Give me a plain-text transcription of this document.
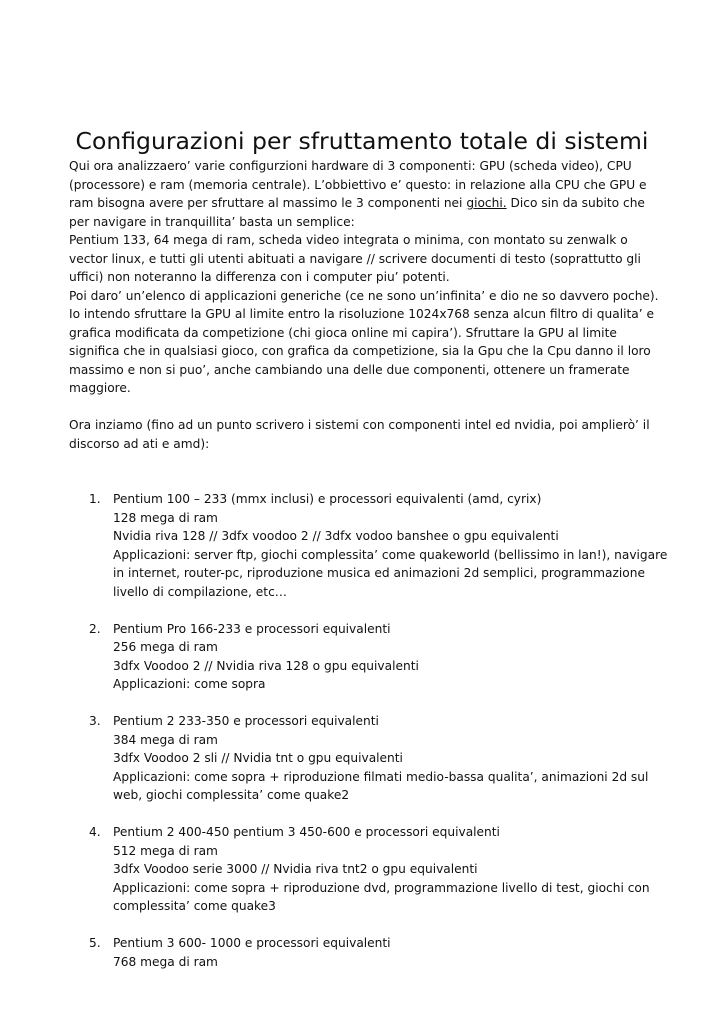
Configurazioni per sfruttamento totale di sistemi

Qui ora analizzaero’ varie configurzioni hardware di 3 componenti: GPU (scheda video), CPU (processore) e ram (memoria centrale). L’obbiettivo e’ questo: in relazione alla CPU che GPU e ram bisogna avere per sfruttare al massimo le 3 componenti nei giochi. Dico sin da subito che per navigare in tranquillita’ basta un semplice:

Pentium 133, 64 mega di ram, scheda video integrata o minima, con montato su zenwalk o vector linux, e tutti gli utenti abituati a navigare // scrivere documenti di testo (soprattutto gli uffici) non noteranno la differenza con i computer piu’ potenti.

Poi daro’ un’elenco di applicazioni generiche (ce ne sono un’infinita’ e dio ne so davvero poche). Io intendo sfruttare la GPU al limite entro la risoluzione 1024x768 senza alcun filtro di qualita’ e grafica modificata da competizione (chi gioca online mi capira’). Sfruttare la GPU al limite significa che in qualsiasi gioco, con grafica da competizione, sia la Gpu che la Cpu danno il loro massimo e non si puo’, anche cambiando una delle due componenti, ottenere un framerate maggiore.

Ora inziamo (fino ad un punto scrivero i sistemi con componenti intel ed nvidia, poi amplierò’ il discorso ad ati e amd):

1. Pentium 100 – 233 (mmx inclusi) e processori equivalenti (amd, cyrix)
128 mega di ram
Nvidia riva 128 // 3dfx voodoo 2 // 3dfx vodoo banshee o gpu equivalenti
Applicazioni: server ftp, giochi complessita’ come quakeworld (bellissimo in lan!), navigare in internet, router-pc, riproduzione musica ed animazioni 2d semplici, programmazione livello di compilazione, etc…
2. Pentium Pro 166-233 e processori equivalenti
256 mega di ram
3dfx Voodoo 2 // Nvidia riva 128 o gpu equivalenti
Applicazioni: come sopra
3. Pentium 2 233-350 e processori equivalenti
384 mega di ram
3dfx Voodoo 2 sli // Nvidia tnt o gpu equivalenti
Applicazioni: come sopra + riproduzione filmati medio-bassa qualita’, animazioni 2d sul web, giochi complessita’ come quake2
4. Pentium 2 400-450 pentium 3 450-600 e processori equivalenti
512 mega di ram
3dfx Voodoo serie 3000 // Nvidia riva tnt2 o gpu equivalenti
Applicazioni: come sopra + riproduzione dvd, programmazione livello di test, giochi con complessita’ come quake3
5. Pentium 3 600- 1000 e processori equivalenti
768 mega di ram
